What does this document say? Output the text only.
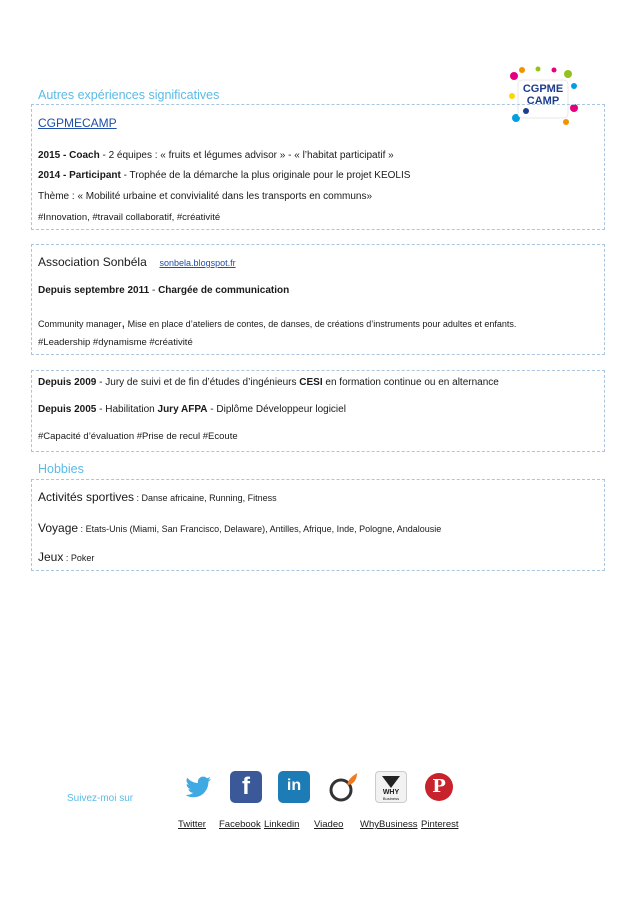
Autres expériences significatives	CGPME
CAMP
CGPMECAMP
2015 - Coach - 2 équipes : « fruits et légumes advisor » - « l’habitat participatif »
2014 - Participant - Trophée de la démarche la plus originale pour le projet KEOLIS
Thème : « Mobilité urbaine et convivialité dans les transports en communs»
#Innovation, #travail collaboratif, #créativité
Association Sonbéla sonbela.blogspot.fr
Depuis septembre 2011 - Chargée de communication
Community manager, Mise en place d’ateliers de contes, de danses, de créations d’instruments pour adultes et enfants.
#Leadership #dynamisme #créativité
Depuis 2009 - Jury de suivi et de fin d’études d’ingénieurs CESI en formation continue ou en alternance
Depuis 2005 - Habilitation Jury AFPA - Diplôme Développeur logiciel
#Capacité d’évaluation #Prise de recul #Ecoute
Hobbies
Activités sportives : Danse africaine, Running, Fitness
Voyage : Etats-Unis (Miami, San Francisco, Delaware), Antilles, Afrique, Inde, Pologne, Andalousie
Jeux : Poker
Suivez-moi sur	f	in	WHY
Business
P
Twitter Facebook Linkedin Viadeo WhyBusiness Pinterest
